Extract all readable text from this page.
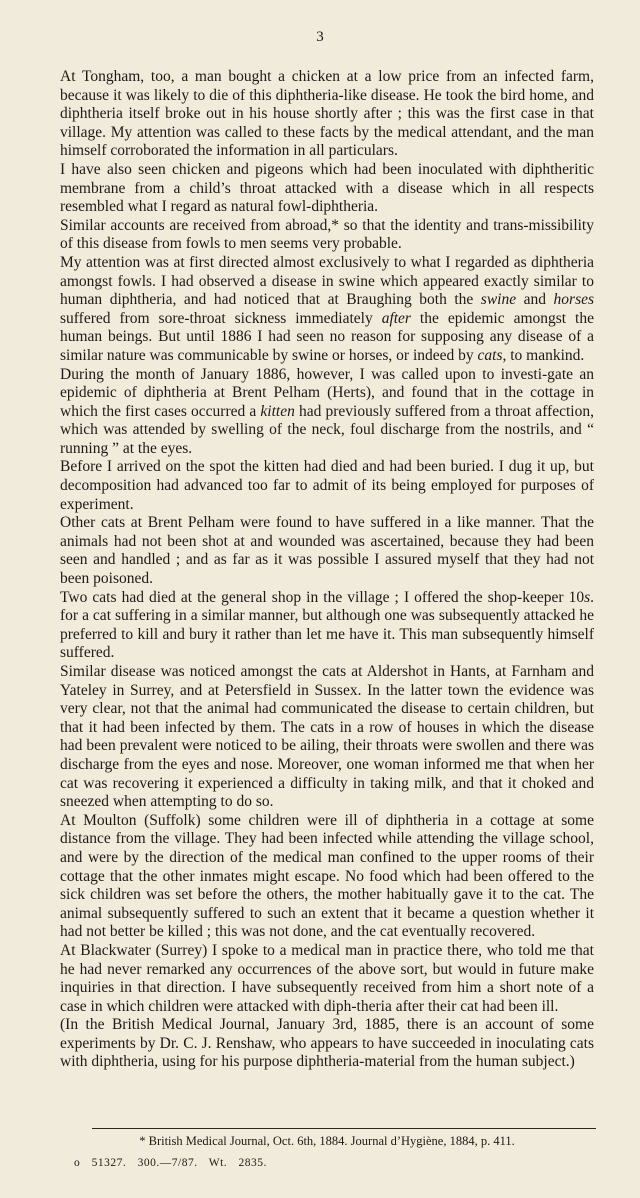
3

At Tongham, too, a man bought a chicken at a low price from an infected farm, because it was likely to die of this diphtheria-like disease. He took the bird home, and diphtheria itself broke out in his house shortly after ; this was the first case in that village. My attention was called to these facts by the medical attendant, and the man himself corroborated the information in all particulars.

I have also seen chicken and pigeons which had been inoculated with diphtheritic membrane from a child’s throat attacked with a disease which in all respects resembled what I regard as natural fowl-diphtheria.

Similar accounts are received from abroad,* so that the identity and trans-missibility of this disease from fowls to men seems very probable.

My attention was at first directed almost exclusively to what I regarded as diphtheria amongst fowls. I had observed a disease in swine which appeared exactly similar to human diphtheria, and had noticed that at Braughing both the swine and horses suffered from sore-throat sickness immediately after the epidemic amongst the human beings. But until 1886 I had seen no reason for supposing any disease of a similar nature was communicable by swine or horses, or indeed by cats, to mankind.

During the month of January 1886, however, I was called upon to investi-gate an epidemic of diphtheria at Brent Pelham (Herts), and found that in the cottage in which the first cases occurred a kitten had previously suffered from a throat affection, which was attended by swelling of the neck, foul discharge from the nostrils, and “ running ” at the eyes.

Before I arrived on the spot the kitten had died and had been buried. I dug it up, but decomposition had advanced too far to admit of its being employed for purposes of experiment.

Other cats at Brent Pelham were found to have suffered in a like manner. That the animals had not been shot at and wounded was ascertained, because they had been seen and handled ; and as far as it was possible I assured myself that they had not been poisoned.

Two cats had died at the general shop in the village ; I offered the shop-keeper 10s. for a cat suffering in a similar manner, but although one was subsequently attacked he preferred to kill and bury it rather than let me have it. This man subsequently himself suffered.

Similar disease was noticed amongst the cats at Aldershot in Hants, at Farnham and Yateley in Surrey, and at Petersfield in Sussex. In the latter town the evidence was very clear, not that the animal had communicated the disease to certain children, but that it had been infected by them. The cats in a row of houses in which the disease had been prevalent were noticed to be ailing, their throats were swollen and there was discharge from the eyes and nose. Moreover, one woman informed me that when her cat was recovering it experienced a difficulty in taking milk, and that it choked and sneezed when attempting to do so.

At Moulton (Suffolk) some children were ill of diphtheria in a cottage at some distance from the village. They had been infected while attending the village school, and were by the direction of the medical man confined to the upper rooms of their cottage that the other inmates might escape. No food which had been offered to the sick children was set before the others, the mother habitually gave it to the cat. The animal subsequently suffered to such an extent that it became a question whether it had not better be killed ; this was not done, and the cat eventually recovered.

At Blackwater (Surrey) I spoke to a medical man in practice there, who told me that he had never remarked any occurrences of the above sort, but would in future make inquiries in that direction. I have subsequently received from him a short note of a case in which children were attacked with diph-theria after their cat had been ill.

(In the British Medical Journal, January 3rd, 1885, there is an account of some experiments by Dr. C. J. Renshaw, who appears to have succeeded in inoculating cats with diphtheria, using for his purpose diphtheria-material from the human subject.)

* British Medical Journal, Oct. 6th, 1884. Journal d’Hygiène, 1884, p. 411.
o 51327. 300.—7/87. Wt. 2835.
